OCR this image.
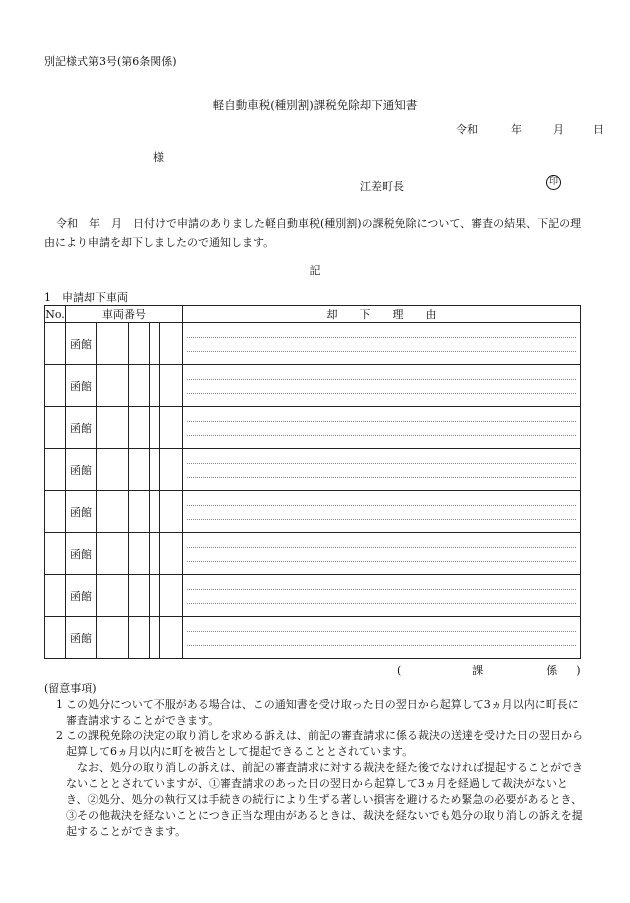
別記様式第3号(第6条関係)
軽自動車税(種別割)課税免除却下通知書
令和	年	月	日
様
江差町長	印
令和　年　月　日付けで申請のありました軽自動車税(種別割)の課税免除について、審査の結果、下記の理由により申請を却下しましたので通知します。
記
1　申請却下車両
No.	車両番号					却　　下　　理　　由
	函館					

	函館					

	函館					

	函館					

	函館					

	函館					

	函館					

	函館					
(	課	係 )
(留意事項)
1 この処分について不服がある場合は、この通知書を受け取った日の翌日から起算して3ヵ月以内に町長に審査請求することができます。
2 この課税免除の決定の取り消しを求める訴えは、前記の審査請求に係る裁決の送達を受けた日の翌日から起算して6ヵ月以内に町を被告として提起できることとされています。
なお、処分の取り消しの訴えは、前記の審査請求に対する裁決を経た後でなければ提起することができないこととされていますが、①審査請求のあった日の翌日から起算して3ヵ月を経過して裁決がないとき、②処分、処分の執行又は手続きの続行により生ずる著しい損害を避けるため緊急の必要があるとき、③その他裁決を経ないことにつき正当な理由があるときは、裁決を経ないでも処分の取り消しの訴えを提起することができます。
